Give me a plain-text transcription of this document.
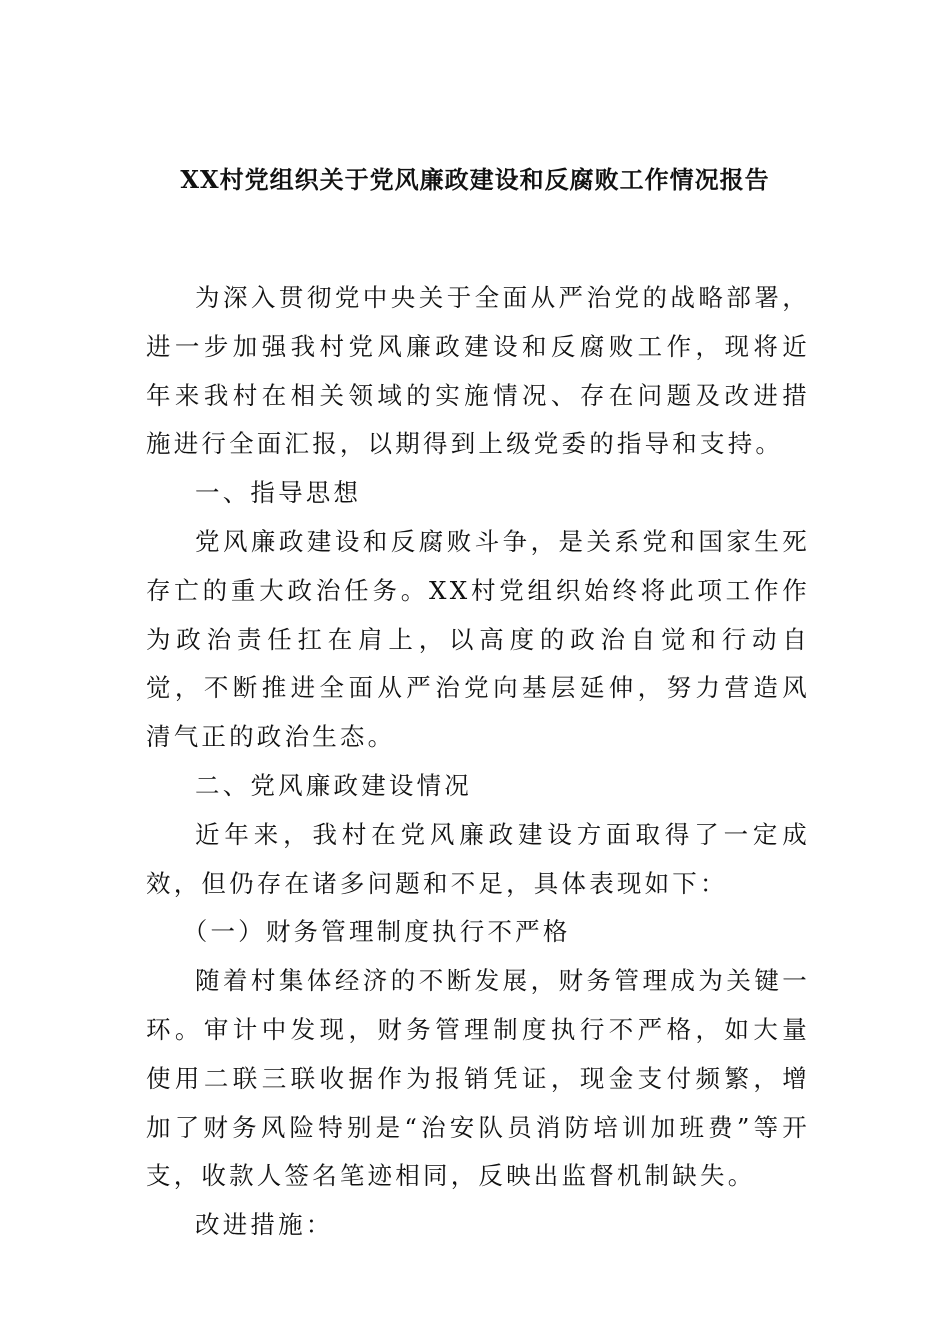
XX村党组织关于党风廉政建设和反腐败工作情况报告

为深入贯彻党中央关于全面从严治党的战略部署，进一步加强我村党风廉政建设和反腐败工作，现将近年来我村在相关领域的实施情况、存在问题及改进措施进行全面汇报，以期得到上级党委的指导和支持。

一、指导思想

党风廉政建设和反腐败斗争，是关系党和国家生死存亡的重大政治任务。XX村党组织始终将此项工作作为政治责任扛在肩上，以高度的政治自觉和行动自觉，不断推进全面从严治党向基层延伸，努力营造风清气正的政治生态。

二、党风廉政建设情况

近年来，我村在党风廉政建设方面取得了一定成效，但仍存在诸多问题和不足，具体表现如下：

（一）财务管理制度执行不严格

随着村集体经济的不断发展，财务管理成为关键一环。审计中发现，财务管理制度执行不严格，如大量使用二联三联收据作为报销凭证，现金支付频繁，增加了财务风险特别是“治安队员消防培训加班费”等开支，收款人签名笔迹相同，反映出监督机制缺失。

改进措施：
